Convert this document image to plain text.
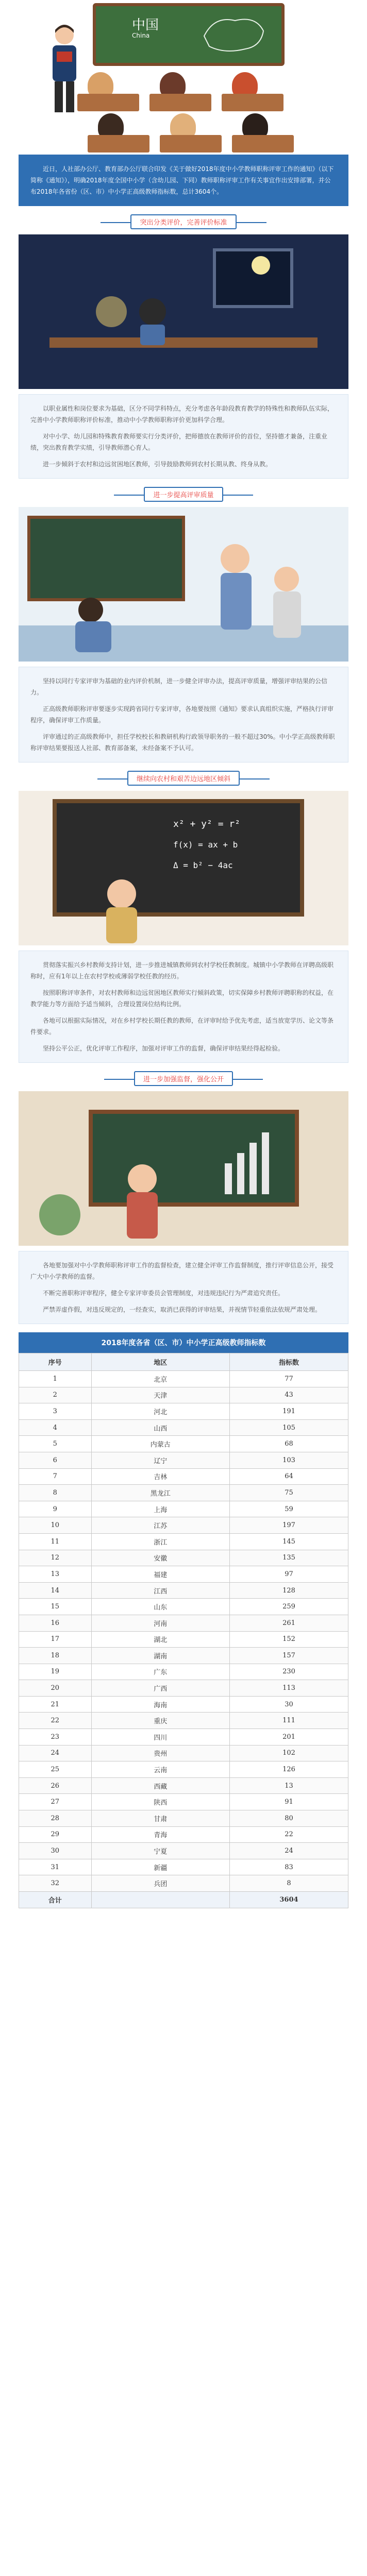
中国
China

近日，人社部办公厅、教育部办公厅联合印发《关于做好2018年度中小学教师职称评审工作的通知》（以下简称《通知》），明确2018年度全国中小学（含幼儿园、下同）教师职称评审工作有关事宜作出安排部署，并公布2018年各省份（区、市）中小学正高级教师指标数，总计3604个。

突出分类评价，完善评价标准

以职业属性和岗位要求为基础，区分不同学科特点，充分考虑各年龄段教育教学的特殊性和教师队伍实际，完善中小学教师职称评价标准，推动中小学教师职称评价更加科学合理。

对中小学、幼儿园和特殊教育教师要实行分类评价，把师德放在教师评价的首位，坚持德才兼备，注重业绩，突出教育教学实绩，引导教师潜心育人。

进一步倾斜于农村和边远贫困地区教师，引导鼓励教师到农村长期从教、终身从教。

进一步提高评审质量

坚持以同行专家评审为基础的业内评价机制，进一步健全评审办法，提高评审质量，增强评审结果的公信力。

正高级教师职称评审要逐步实现跨省同行专家评审，各地要按照《通知》要求认真组织实施，严格执行评审程序，确保评审工作质量。

评审通过的正高级教师中，担任学校校长和教研机构行政领导职务的一般不超过30%。中小学正高级教师职称评审结果要报送人社部、教育部备案，未经备案不予认可。

继续向农村和艰苦边远地区倾斜
x² + y² = r²
f(x) = ax + b
Δ = b² − 4ac

贯彻落实振兴乡村教师支持计划，进一步推进城镇教师到农村学校任教制度。城镇中小学教师在评聘高级职称时，应有1年以上在农村学校或薄弱学校任教的经历。

按照职称评审条件，对农村教师和边远贫困地区教师实行倾斜政策，切实保障乡村教师评聘职称的权益，在教学能力等方面给予适当倾斜，合理设置岗位结构比例。

各地可以根据实际情况，对在乡村学校长期任教的教师，在评审时给予优先考虑，适当放宽学历、论文等条件要求。

坚持公平公正，优化评审工作程序，加强对评审工作的监督，确保评审结果经得起检验。

进一步加强监督，强化公开

各地要加强对中小学教师职称评审工作的监督检查，建立健全评审工作监督制度，推行评审信息公开，接受广大中小学教师的监督。

不断完善职称评审程序，健全专家评审委员会管理制度，对违规违纪行为严肃追究责任。

严禁弄虚作假，对违反规定的，一经查实，取消已获得的评审结果，并视情节轻重依法依规严肃处理。

2018年度各省（区、市）中小学正高级教师指标数
序号	地区	指标数
1	北京	77
2	天津	43
3	河北	191
4	山西	105
5	内蒙古	68
6	辽宁	103
7	吉林	64
8	黑龙江	75
9	上海	59
10	江苏	197
11	浙江	145
12	安徽	135
13	福建	97
14	江西	128
15	山东	259
16	河南	261
17	湖北	152
18	湖南	157
19	广东	230
20	广西	113
21	海南	30
22	重庆	111
23	四川	201
24	贵州	102
25	云南	126
26	西藏	13
27	陕西	91
28	甘肃	80
29	青海	22
30	宁夏	24
31	新疆	83
32	兵团	8
合计		3604
